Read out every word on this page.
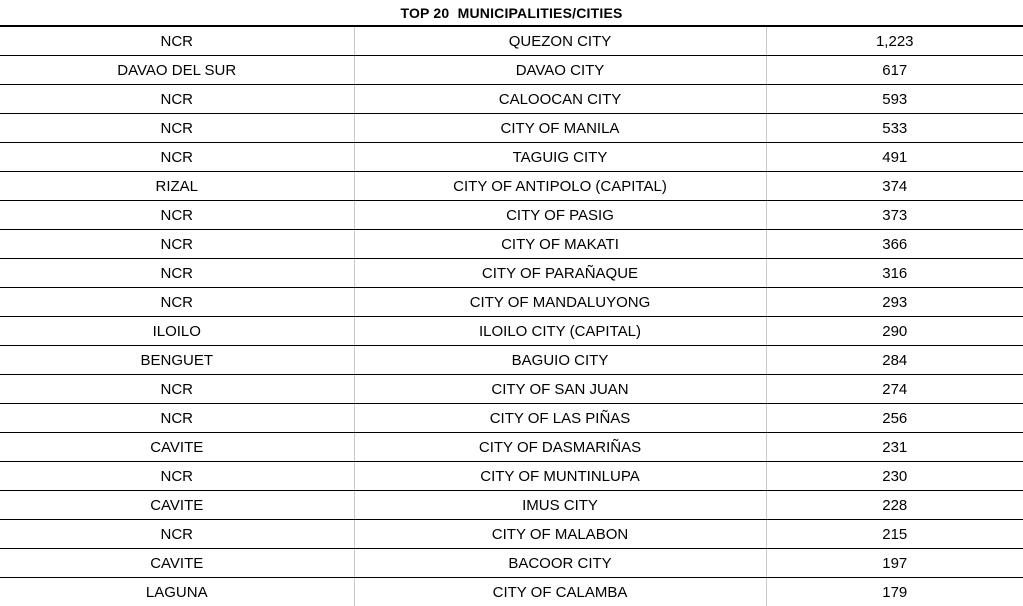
TOP 20  MUNICIPALITIES/CITIES
NCR	QUEZON CITY	1,223
DAVAO DEL SUR	DAVAO CITY	617
NCR	CALOOCAN CITY	593
NCR	CITY OF MANILA	533
NCR	TAGUIG CITY	491
RIZAL	CITY OF ANTIPOLO (CAPITAL)	374
NCR	CITY OF PASIG	373
NCR	CITY OF MAKATI	366
NCR	CITY OF PARAÑAQUE	316
NCR	CITY OF MANDALUYONG	293
ILOILO	ILOILO CITY (CAPITAL)	290
BENGUET	BAGUIO CITY	284
NCR	CITY OF SAN JUAN	274
NCR	CITY OF LAS PIÑAS	256
CAVITE	CITY OF DASMARIÑAS	231
NCR	CITY OF MUNTINLUPA	230
CAVITE	IMUS CITY	228
NCR	CITY OF MALABON	215
CAVITE	BACOOR CITY	197
LAGUNA	CITY OF CALAMBA	179
